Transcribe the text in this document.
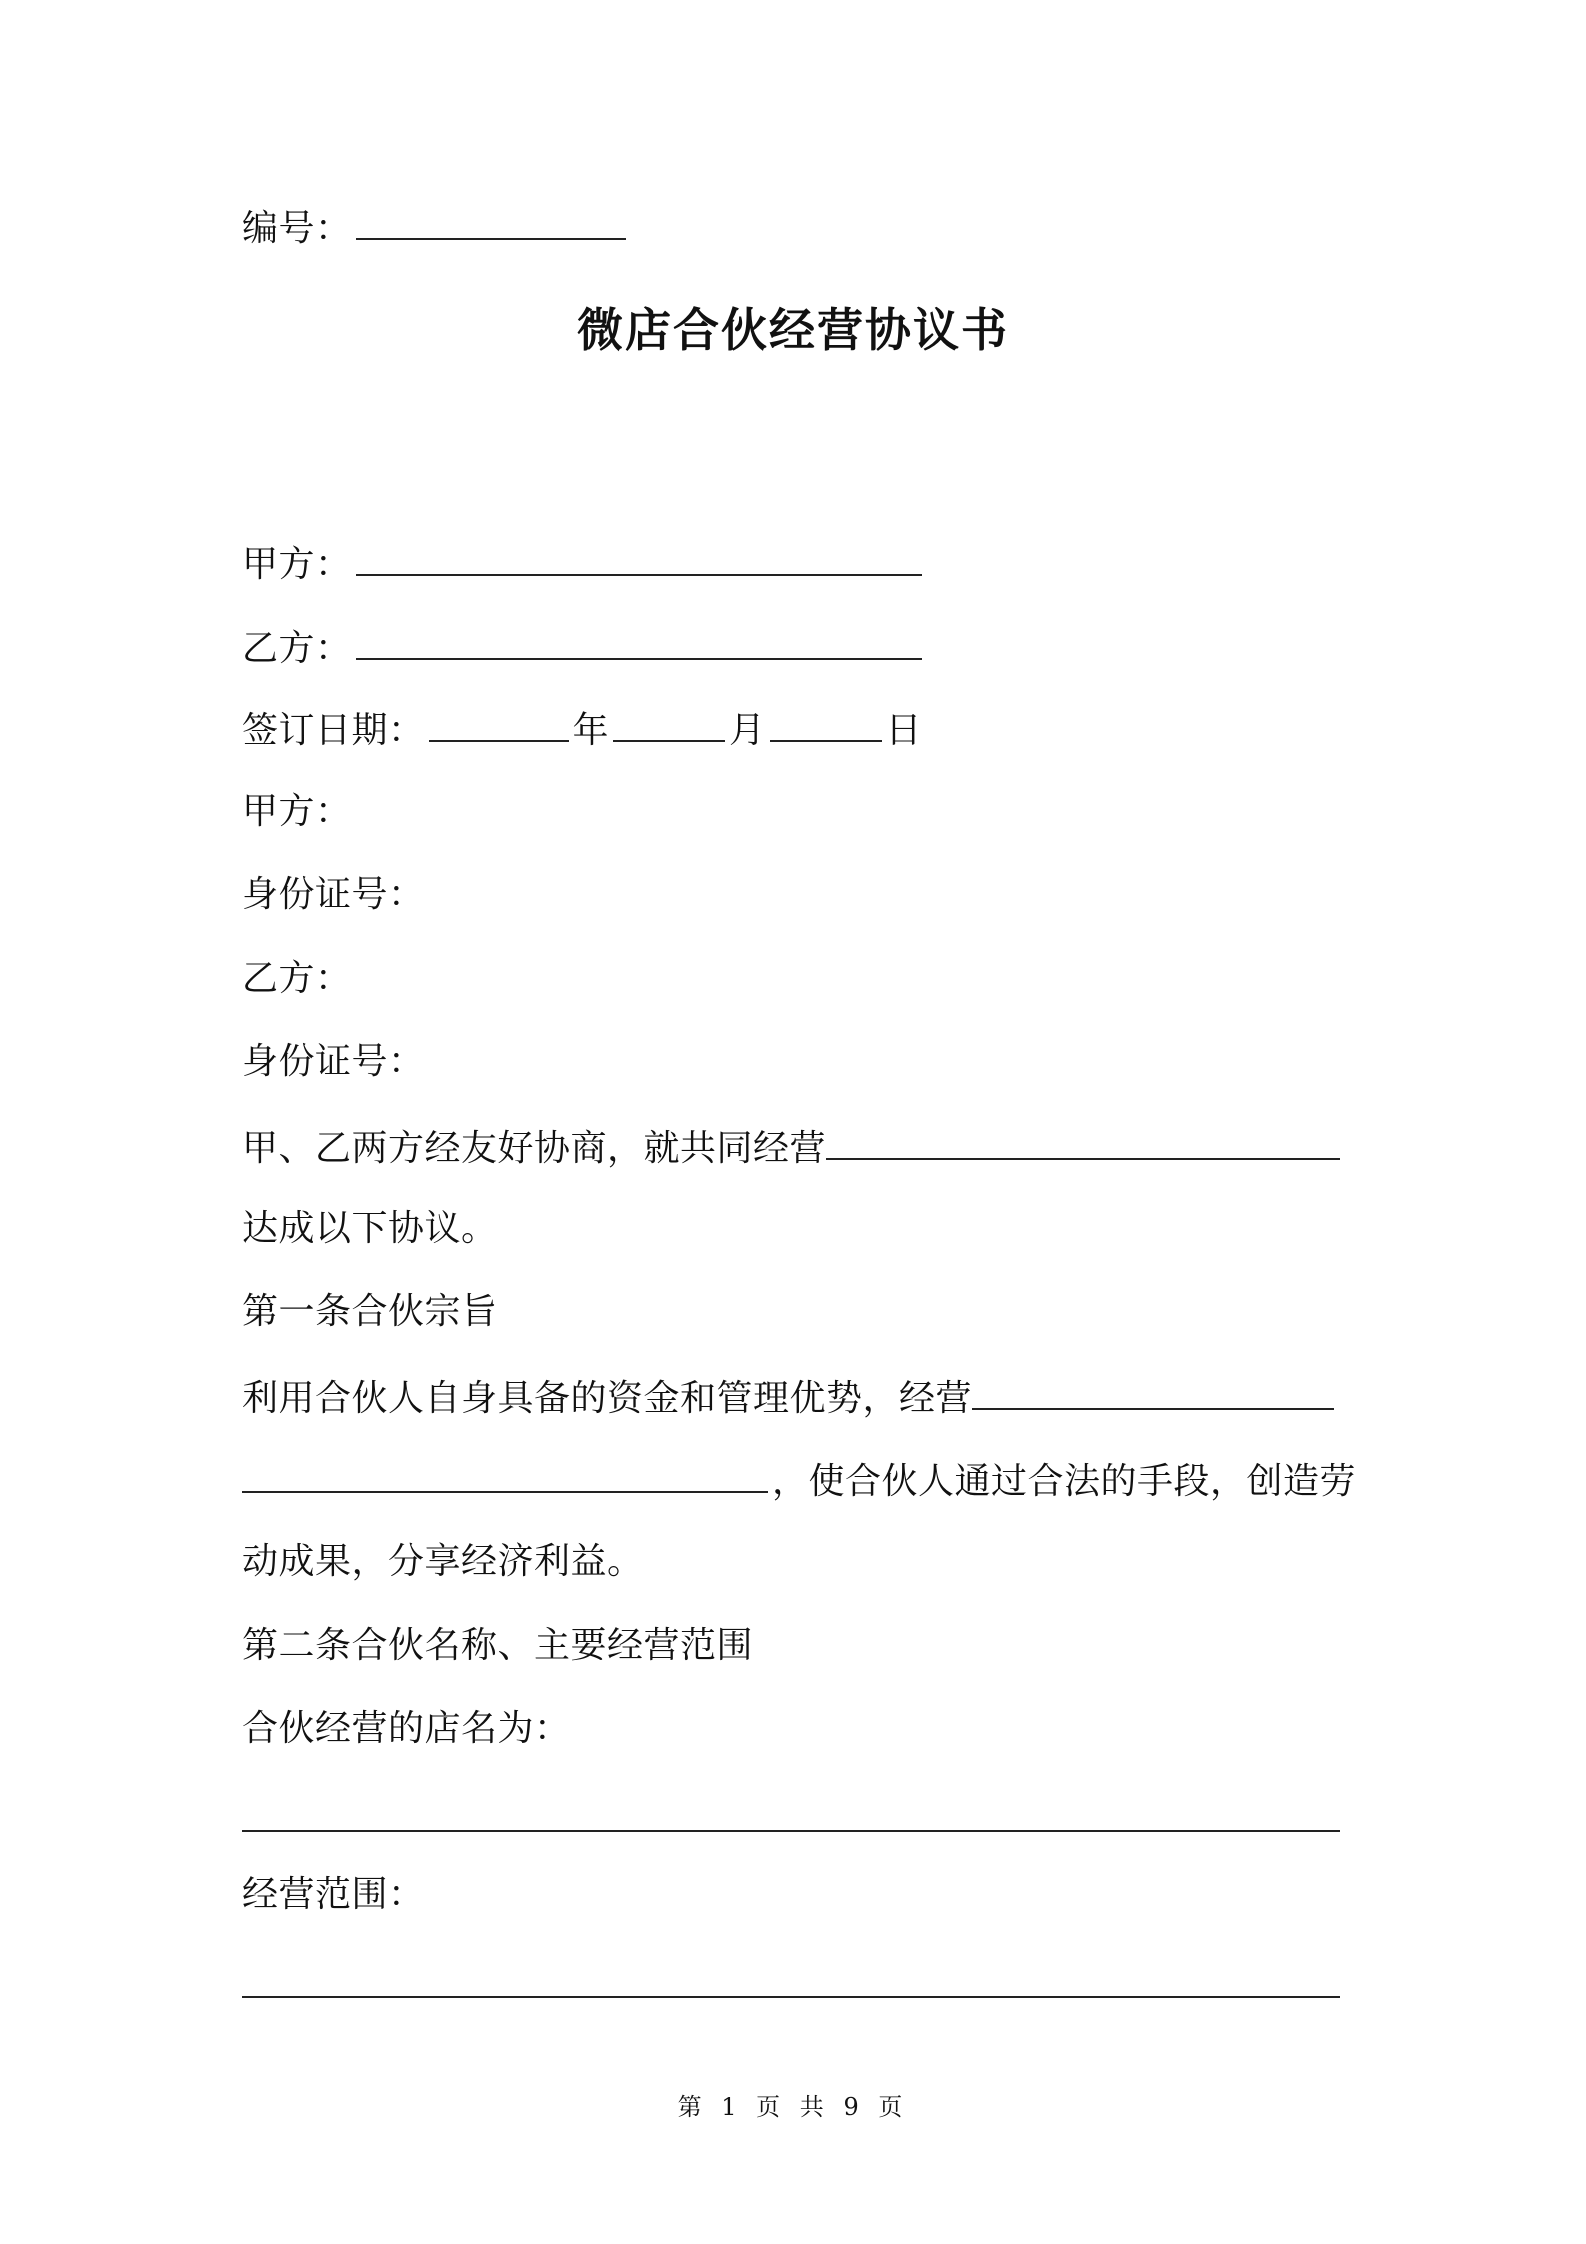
编号：
微店合伙经营协议书
甲方：
乙方：
签订日期：	年	月	日
甲方：
身份证号：
乙方：
身份证号：
甲、乙两方经友好协商，就共同经营
达成以下协议。
第一条合伙宗旨
利用合伙人自身具备的资金和管理优势，经营
，使合伙人通过合法的手段，创造劳
动成果，分享经济利益。
第二条合伙名称、主要经营范围
合伙经营的店名为：
经营范围：
第 1 页 共 9 页
